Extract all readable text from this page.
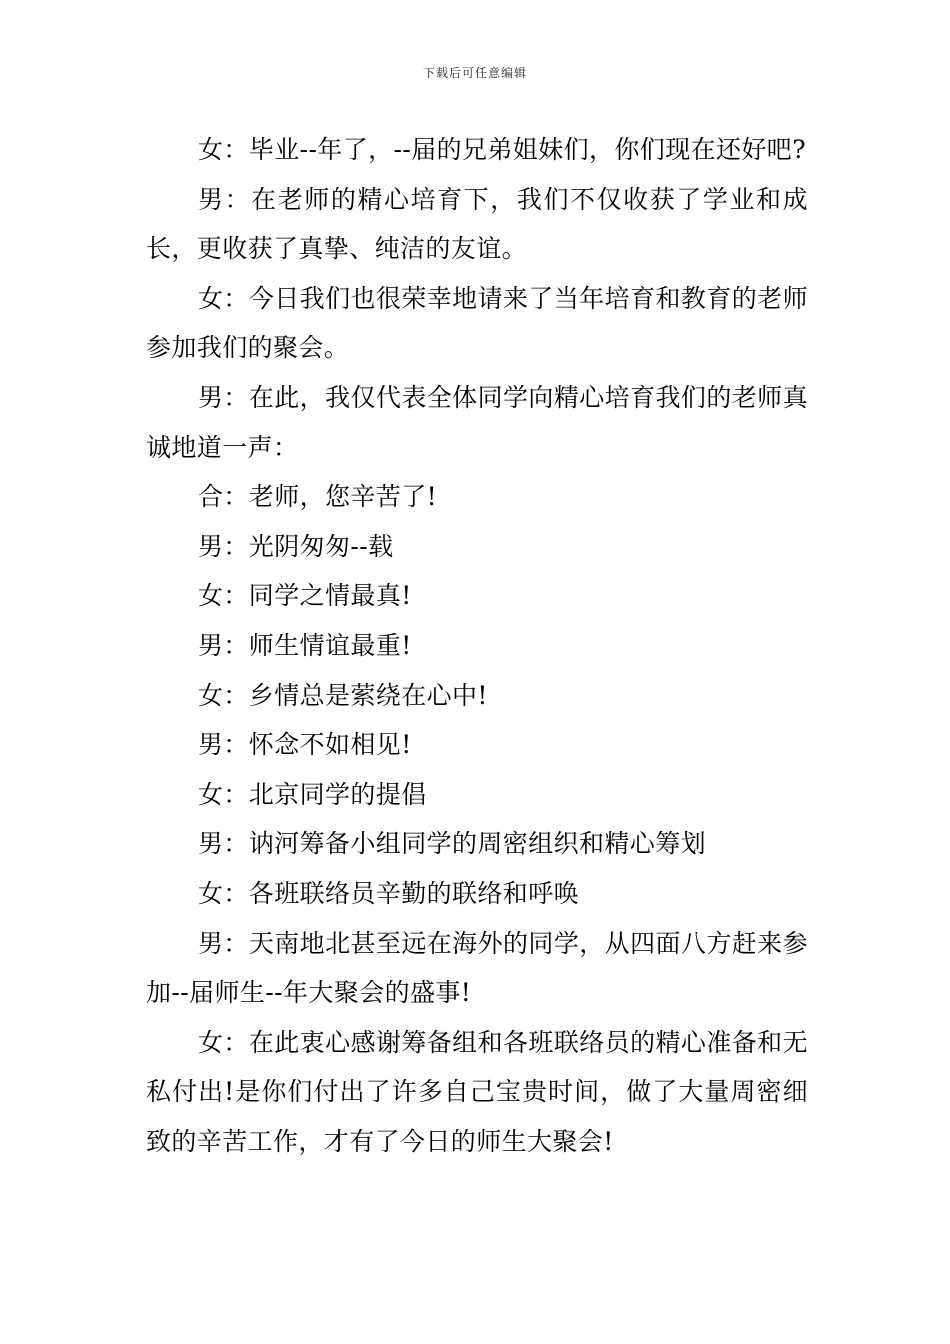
下载后可任意编辑

女：毕业--年了，--届的兄弟姐妹们，你们现在还好吧?

男：在老师的精心培育下，我们不仅收获了学业和成长，更收获了真挚、纯洁的友谊。

女：今日我们也很荣幸地请来了当年培育和教育的老师参加我们的聚会。

男：在此，我仅代表全体同学向精心培育我们的老师真诚地道一声：

合：老师，您辛苦了!

男：光阴匆匆--载

女：同学之情最真!

男：师生情谊最重!

女：乡情总是萦绕在心中!

男：怀念不如相见!

女：北京同学的提倡

男：讷河筹备小组同学的周密组织和精心筹划

女：各班联络员辛勤的联络和呼唤

男：天南地北甚至远在海外的同学，从四面八方赶来参加--届师生--年大聚会的盛事!

女：在此衷心感谢筹备组和各班联络员的精心准备和无私付出!是你们付出了许多自己宝贵时间，做了大量周密细致的辛苦工作，才有了今日的师生大聚会!
